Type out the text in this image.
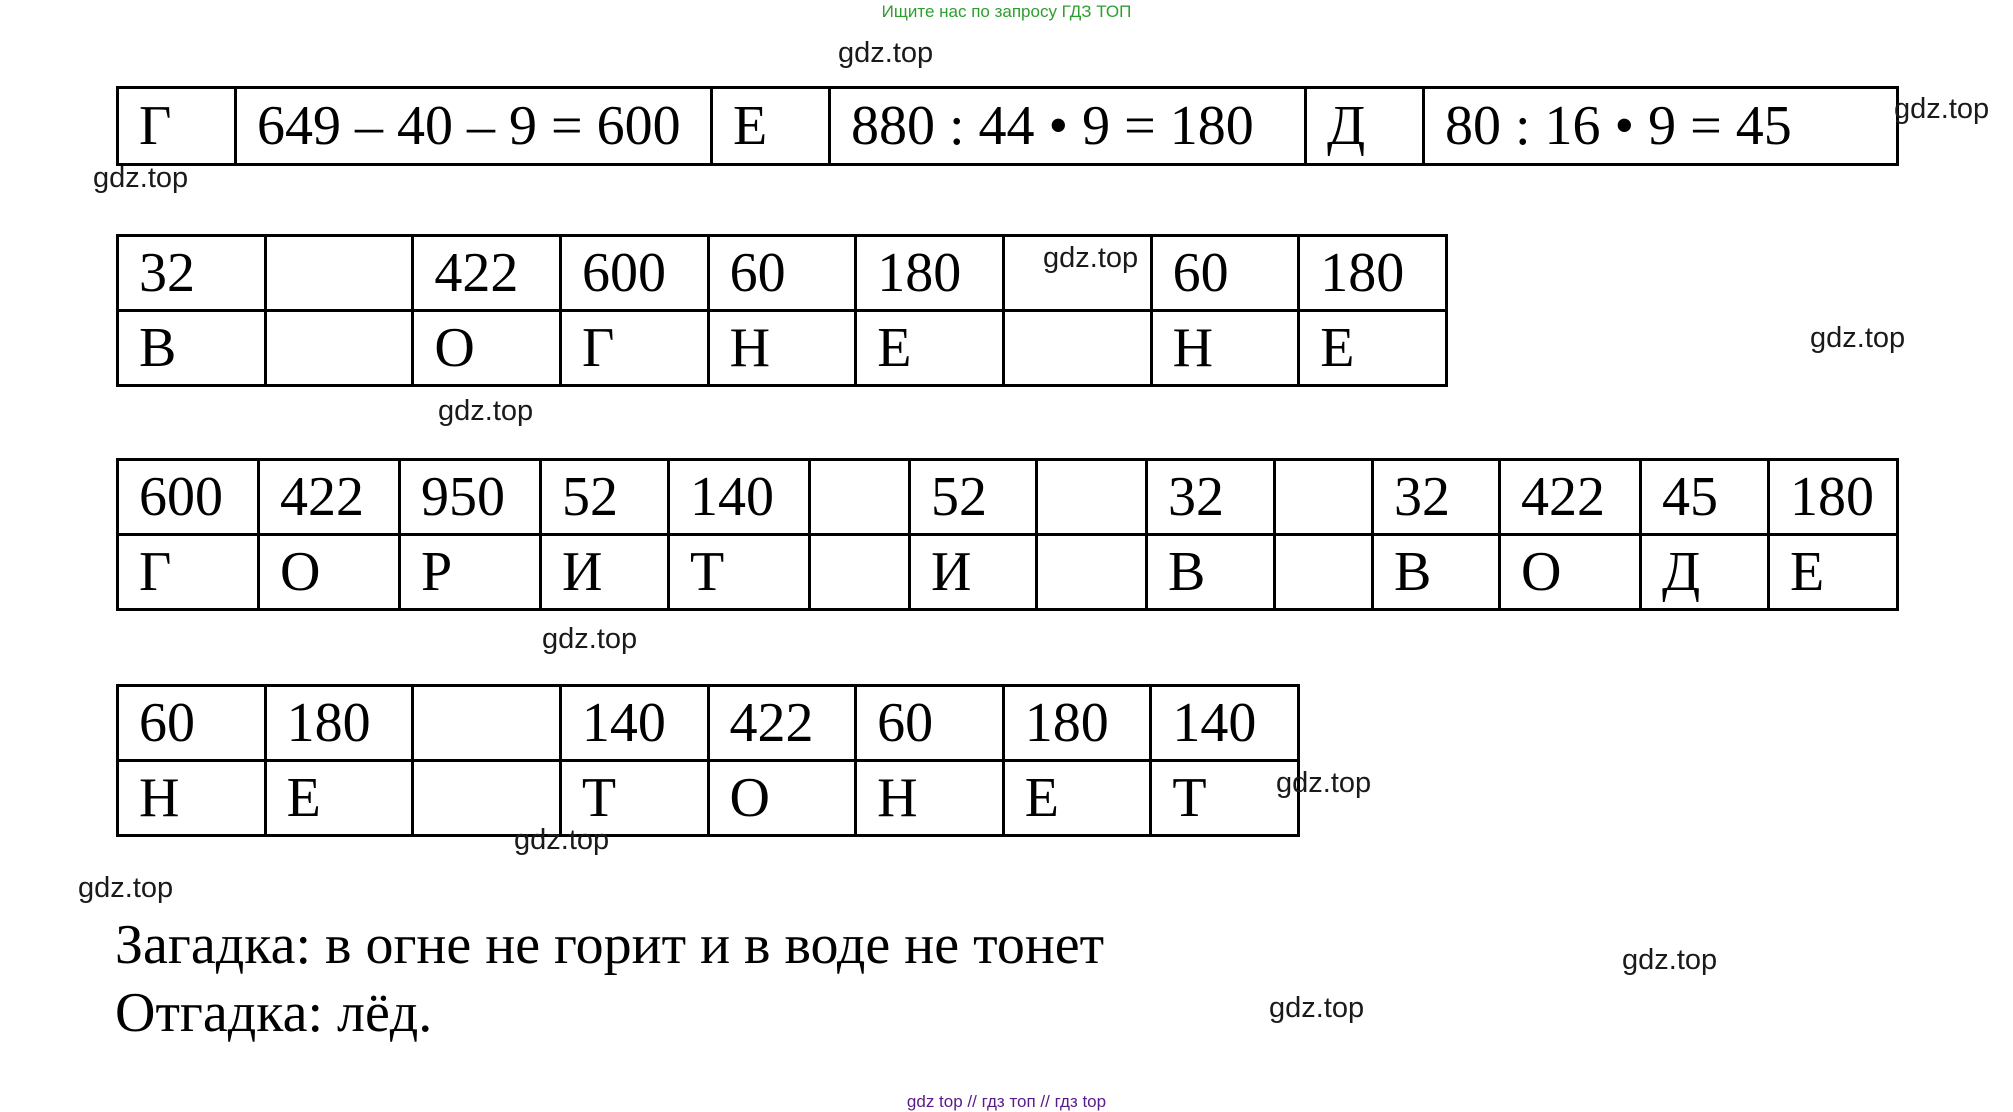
Ищите нас по запросу ГДЗ ТОП
Г	649 – 40 – 9 = 600	Е	880 : 44 • 9 = 180	Д	80 : 16 • 9 = 45
32		422	600	60	180		60	180
В		О	Г	Н	Е		Н	Е
600	422	950	52	140		52		32		32	422	45	180
Г	О	Р	И	Т		И		В		В	О	Д	Е
60	180		140	422	60	180	140
Н	Е		Т	О	Н	Е	Т
Загадка: в огне не горит и в воде не тонет
Отгадка: лёд.
gdz.top
gdz.top
gdz.top
gdz.top
gdz.top
gdz.top
gdz.top
gdz.top
gdz.top
gdz.top
gdz.top
gdz.top
gdz top // гдз топ // гдз top
